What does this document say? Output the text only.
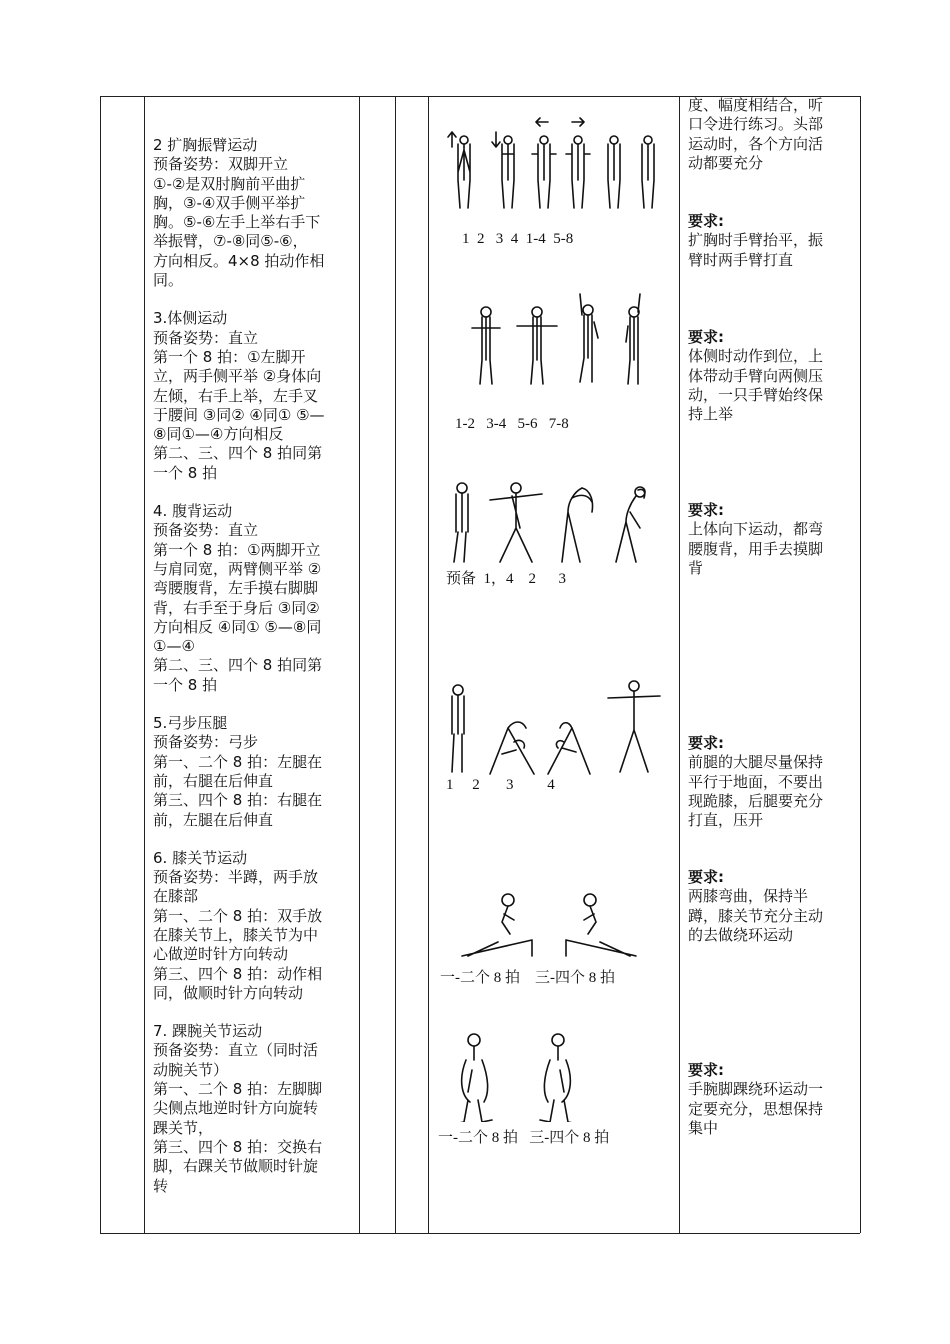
2 扩胸振臂运动

预备姿势：双脚开立

①-②是双肘胸前平曲扩

胸，③-④双手侧平举扩

胸。⑤-⑥左手上举右手下

举振臂，⑦-⑧同⑤-⑥，

方向相反。4×8 拍动作相

同。

3.体侧运动

预备姿势：直立

第一个 8 拍：①左脚开

立，两手侧平举 ②身体向

左倾，右手上举，左手叉

于腰间 ③同② ④同① ⑤—

⑧同①—④方向相反

第二、三、四个 8 拍同第

一个 8 拍

4. 腹背运动

预备姿势：直立

第一个 8 拍：①两脚开立

与肩同宽，两臂侧平举 ②

弯腰腹背，左手摸右脚脚

背，右手至于身后 ③同②

方向相反 ④同① ⑤—⑧同

①—④

第二、三、四个 8 拍同第

一个 8 拍

5.弓步压腿

预备姿势：弓步

第一、二个 8 拍：左腿在

前，右腿在后伸直

第三、四个 8 拍：右腿在

前，左腿在后伸直

6. 膝关节运动

预备姿势：半蹲，两手放

在膝部

第一、二个 8 拍：双手放

在膝关节上，膝关节为中

心做逆时针方向转动

第三、四个 8 拍：动作相

同，做顺时针方向转动

7. 踝腕关节运动

预备姿势：直立（同时活

动腕关节）

第一、二个 8 拍：左脚脚

尖侧点地逆时针方向旋转

踝关节，

第三、四个 8 拍：交换右

脚，右踝关节做顺时针旋

转

1  2   3  4  1-4  5-8
1-2   3-4   5-6   7-8
预备  1，4    2      3
1     2       3         4
一-二个 8 拍    三-四个 8 拍
一-二个 8 拍   三-四个 8 拍

度、幅度相结合，听

口令进行练习。头部

运动时，各个方向活

动都要充分

要求:

扩胸时手臂抬平，振

臂时两手臂打直

要求:

体侧时动作到位，上

体带动手臂向两侧压

动，一只手臂始终保

持上举

要求:

上体向下运动，都弯

腰腹背，用手去摸脚

背

要求:

前腿的大腿尽量保持

平行于地面，不要出

现跪膝，后腿要充分

打直，压开

要求:

两膝弯曲，保持半

蹲，膝关节充分主动

的去做绕环运动

要求:

手腕脚踝绕环运动一

定要充分，思想保持

集中
